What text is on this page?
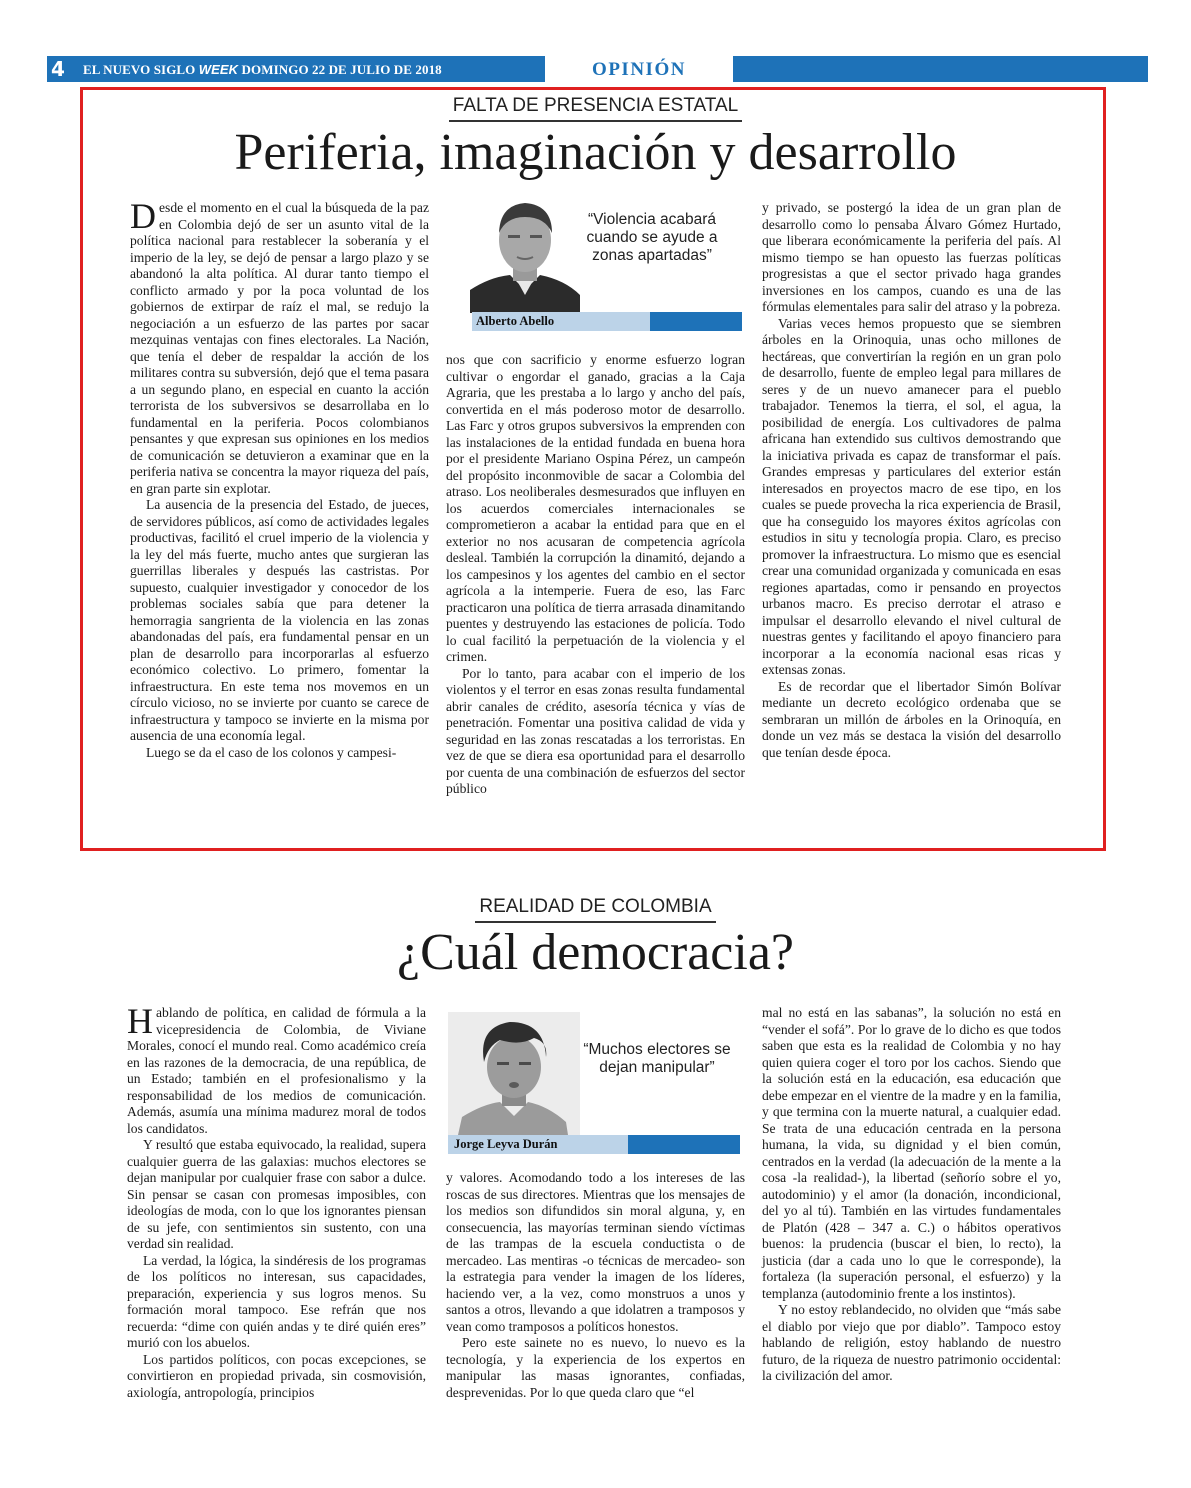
4 EL NUEVO SIGLO WEEK DOMINGO 22 DE JULIO DE 2018	OPINIÓN
FALTA DE PRESENCIA ESTATAL
Periferia, imaginación y desarrollo

Desde el momento en el cual la búsqueda de la paz en Colombia dejó de ser un asunto vital de la política nacional para restablecer la soberanía y el imperio de la ley, se dejó de pensar a largo plazo y se abandonó la alta política. Al durar tanto tiempo el conflicto armado y por la poca voluntad de los gobiernos de extirpar de raíz el mal, se redujo la negociación a un esfuerzo de las partes por sacar mezquinas ventajas con fines electorales. La Nación, que tenía el deber de respaldar la acción de los militares contra su subversión, dejó que el tema pasara a un segundo plano, en especial en cuanto la acción terrorista de los subversivos se desarrollaba en lo fundamental en la periferia. Pocos colombianos pensantes y que expresan sus opiniones en los medios de comunicación se detuvieron a examinar que en la periferia nativa se concentra la mayor riqueza del país, en gran parte sin explotar.

La ausencia de la presencia del Estado, de jueces, de servidores públicos, así como de actividades legales productivas, facilitó el cruel imperio de la violencia y la ley del más fuerte, mucho antes que surgieran las guerrillas liberales y después las castristas. Por supuesto, cualquier investigador y conocedor de los problemas sociales sabía que para detener la hemorragia sangrienta de la violencia en las zonas abandonadas del país, era fundamental pensar en un plan de desarrollo para incorporarlas al esfuerzo económico colectivo. Lo primero, fomentar la infraestructura. En este tema nos movemos en un círculo vicioso, no se invierte por cuanto se carece de infraestructura y tampoco se invierte en la misma por ausencia de una economía legal.

Luego se da el caso de los colonos y campesi-

“Violencia acabará cuando se ayude a zonas apartadas”
Alberto Abello

nos que con sacrificio y enorme esfuerzo logran cultivar o engordar el ganado, gracias a la Caja Agraria, que les prestaba a lo largo y ancho del país, convertida en el más poderoso motor de desarrollo. Las Farc y otros grupos subversivos la emprenden con las instalaciones de la entidad fundada en buena hora por el presidente Mariano Ospina Pérez, un campeón del propósito inconmovible de sacar a Colombia del atraso. Los neoliberales desmesurados que influyen en los acuerdos comerciales internacionales se comprometieron a acabar la entidad para que en el exterior no nos acusaran de competencia agrícola desleal. También la corrupción la dinamitó, dejando a los campesinos y los agentes del cambio en el sector agrícola a la intemperie. Fuera de eso, las Farc practicaron una política de tierra arrasada dinamitando puentes y destruyendo las estaciones de policía. Todo lo cual facilitó la perpetuación de la violencia y el crimen.

Por lo tanto, para acabar con el imperio de los violentos y el terror en esas zonas resulta fundamental abrir canales de crédito, asesoría técnica y vías de penetración. Fomentar una positiva calidad de vida y seguridad en las zonas rescatadas a los terroristas. En vez de que se diera esa oportunidad para el desarrollo por cuenta de una combinación de esfuerzos del sector público

y privado, se postergó la idea de un gran plan de desarrollo como lo pensaba Álvaro Gómez Hurtado, que liberara económicamente la periferia del país. Al mismo tiempo se han opuesto las fuerzas políticas progresistas a que el sector privado haga grandes inversiones en los campos, cuando es una de las fórmulas elementales para salir del atraso y la pobreza.

Varias veces hemos propuesto que se siembren árboles en la Orinoquia, unas ocho millones de hectáreas, que convertirían la región en un gran polo de desarrollo, fuente de empleo legal para millares de seres y de un nuevo amanecer para el pueblo trabajador. Tenemos la tierra, el sol, el agua, la posibilidad de energía. Los cultivadores de palma africana han extendido sus cultivos demostrando que la iniciativa privada es capaz de transformar el país. Grandes empresas y particulares del exterior están interesados en proyectos macro de ese tipo, en los cuales se puede provecha la rica experiencia de Brasil, que ha conseguido los mayores éxitos agrícolas con estudios in situ y tecnología propia. Claro, es preciso promover la infraestructura. Lo mismo que es esencial crear una comunidad organizada y comunicada en esas regiones apartadas, como ir pensando en proyectos urbanos macro. Es preciso derrotar el atraso e impulsar el desarrollo elevando el nivel cultural de nuestras gentes y facilitando el apoyo financiero para incorporar a la economía nacional esas ricas y extensas zonas.

Es de recordar que el libertador Simón Bolívar mediante un decreto ecológico ordenaba que se sembraran un millón de árboles en la Orinoquía, en donde un vez más se destaca la visión del desarrollo que tenían desde época.

REALIDAD DE COLOMBIA
¿Cuál democracia?

Hablando de política, en calidad de fórmula a la vicepresidencia de Colombia, de Viviane Morales, conocí el mundo real. Como académico creía en las razones de la democracia, de una república, de un Estado; también en el profesionalismo y la responsabilidad de los medios de comunicación. Además, asumía una mínima madurez moral de todos los candidatos.

Y resultó que estaba equivocado, la realidad, supera cualquier guerra de las galaxias: muchos electores se dejan manipular por cualquier frase con sabor a dulce. Sin pensar se casan con promesas imposibles, con ideologías de moda, con lo que los ignorantes piensan de su jefe, con sentimientos sin sustento, con una verdad sin realidad.

La verdad, la lógica, la sindéresis de los programas de los políticos no interesan, sus capacidades, preparación, experiencia y sus logros menos. Su formación moral tampoco. Ese refrán que nos recuerda: “dime con quién andas y te diré quién eres” murió con los abuelos.

Los partidos políticos, con pocas excepciones, se convirtieron en propiedad privada, sin cosmovisión, axiología, antropología, principios

“Muchos electores se dejan manipular”
Jorge Leyva Durán

y valores. Acomodando todo a los intereses de las roscas de sus directores. Mientras que los mensajes de los medios son difundidos sin moral alguna, y, en consecuencia, las mayorías terminan siendo víctimas de las trampas de la escuela conductista o de mercadeo. Las mentiras -o técnicas de mercadeo- son la estrategia para vender la imagen de los líderes, haciendo ver, a la vez, como monstruos a unos y santos a otros, llevando a que idolatren a tramposos y vean como tramposos a políticos honestos.

Pero este sainete no es nuevo, lo nuevo es la tecnología, y la experiencia de los expertos en manipular las masas ignorantes, confiadas, desprevenidas. Por lo que queda claro que “el

mal no está en las sabanas”, la solución no está en “vender el sofá”. Por lo grave de lo dicho es que todos saben que esta es la realidad de Colombia y no hay quien quiera coger el toro por los cachos. Siendo que la solución está en la educación, esa educación que debe empezar en el vientre de la madre y en la familia, y que termina con la muerte natural, a cualquier edad. Se trata de una educación centrada en la persona humana, la vida, su dignidad y el bien común, centrados en la verdad (la adecuación de la mente a la cosa -la realidad-), la libertad (señorío sobre el yo, autodominio) y el amor (la donación, incondicional, del yo al tú). También en las virtudes fundamentales de Platón (428 – 347 a. C.) o hábitos operativos buenos: la prudencia (buscar el bien, lo recto), la justicia (dar a cada uno lo que le corresponde), la fortaleza (la superación personal, el esfuerzo) y la templanza (autodominio frente a los instintos).

Y no estoy reblandecido, no olviden que “más sabe el diablo por viejo que por diablo”. Tampoco estoy hablando de religión, estoy hablando de nuestro futuro, de la riqueza de nuestro patrimonio occidental: la civilización del amor.
